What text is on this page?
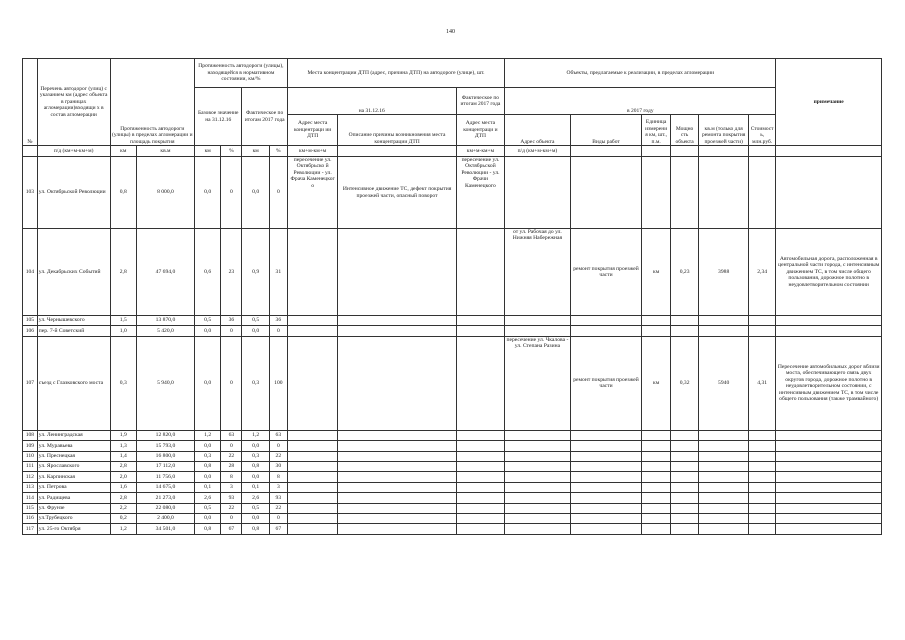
140
№	Перечень автодорог (улиц) с указанием км (адрес объекта в границах агломерации)входящи х в состав агломерации	Протяженность автодороги (улицы) в пределах агломерации и площадь покрытия		Протяженность автодороги (улицы), находящейся в нормативном состоянии, км/%				Места концентрации ДТП (адрес, причина ДТП) на автодороге (улице), шт.			Объекты, предлагаемые к реализации, в пределах агломерации						примечание
				Базовое значение на 31.12.16		Фактическое по итогам 2017 года		на 31.12.16		Фактическое по итогам 2017 года	в 2017 году						
								Адрес места концентраци ии ДТП	Описание причины возникновения места концентрации ДТП	Адрес места концентраци и ДТП	Адрес объекта	Виды работ	Единица измерени я км, шт., п.м.	Мощно сть объекта	кв.м (только для ремонта покрытия проезжей части)	Стоимост ь, млн.руб.	
	п/д (км+м-км+м)	км	кв.м	км	%	км	%	км+м-км+м		км+м-км+м	п/д (км+м-км+м)						
103	ул. Октябрьской Революции	0,8	8 000,0	0,0	0	0,0	0	пересечение ул. Октябрьско й Революции - ул. Фрача Каменецког о	Интенсивное движение ТС, дефект покрытия проезжей части, опасный поворот	пересечение ул. Октябрьской Революции - ул. Фрачи Каменецкого							
104	ул. Декабрьских Событий	2,8	47 694,0	0,6	23	0,9	31				от ул. Рабочая до ул. Нижняя Набережная	ремонт покрытия проезжей части	км	0,23	3988	2,34	Автомобильная дорога, расположенная в центральной части города, с интенсивным движением ТС, в том числе общего пользования, дорожное полотно в неудовлетворительном состоянии
105	ул. Чернышевского	1,5	13 870,0	0,5	36	0,5	36										
106	пер. 7-й Советский	1,0	5 420,0	0,0	0	0,0	0										
107	съезд с Глазковского моста	0,3	5 940,0	0,0	0	0,3	100				пересечение ул. Чкалова - ул. Степана Разина	ремонт покрытия проезжей части	км	0,32	5940	4,31	Пересечение автомобильных дорог вблизи моста, обеспечивающего связь двух округов города, дорожное полотно в неудовлетворительном состоянии, с интенсивным движением ТС, в том числе общего пользования (также трамвайного)
108	ул. Ленинградская	1,9	12 820,0	1,2	63	1,2	63										
109	ул. Муравьева	1,3	15 793,0	0,0	0	0,0	0										
110	ул. Преснецкая	1,4	16 800,0	0,3	22	0,3	22										
111	ул. Ярославского	2,8	17 112,0	0,8	28	0,8	30										
112	ул. Карпинская	2,0	11 756,0	0,0	8	0,0	8										
113	ул. Петрова	1,6	14 675,0	0,1	3	0,1	3										
114	ул. Радищева	2,8	21 273,0	2,6	93	2,6	93										
115	ул. Фрунзе	2,2	22 080,0	0,5	22	0,5	22										
116	ул.Трубецкого	0,2	2 400,0	0,0	0	0,0	0										
117	ул. 25-го Октября	1,2	34 501,0	0,8	67	0,8	67										
